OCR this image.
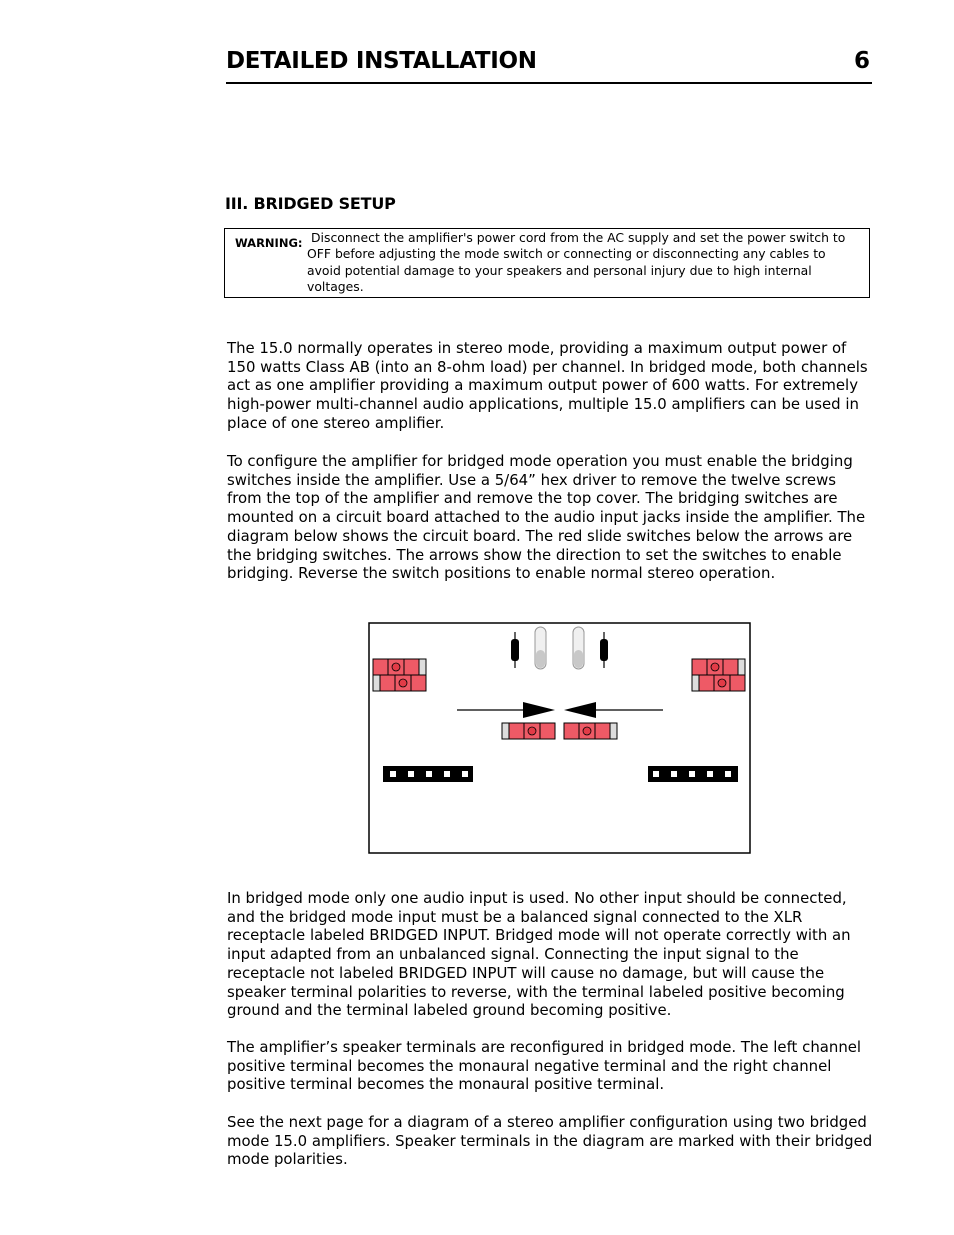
DETAILED INSTALLATION	6
III. BRIDGED SETUP
WARNING: Disconnect the amplifier's power cord from the AC supply and set the power switch to OFF before adjusting the mode switch or connecting or disconnecting any cables to avoid potential damage to your speakers and personal injury due to high internal voltages.

The 15.0 normally operates in stereo mode, providing a maximum output power of 150 watts Class AB (into an 8-ohm load) per channel. In bridged mode, both channels act as one amplifier providing a maximum output power of 600 watts. For extremely high-power multi-channel audio applications, multiple 15.0 amplifiers can be used in place of one stereo amplifier.

To configure the amplifier for bridged mode operation you must enable the bridging switches inside the amplifier. Use a 5/64” hex driver to remove the twelve screws from the top of the amplifier and remove the top cover. The bridging switches are mounted on a circuit board attached to the audio input jacks inside the amplifier. The diagram below shows the circuit board. The red slide switches below the arrows are the bridging switches. The arrows show the direction to set the switches to enable bridging. Reverse the switch positions to enable normal stereo operation.

In bridged mode only one audio input is used. No other input should be connected, and the bridged mode input must be a balanced signal connected to the XLR receptacle labeled BRIDGED INPUT. Bridged mode will not operate correctly with an input adapted from an unbalanced signal. Connecting the input signal to the receptacle not labeled BRIDGED INPUT will cause no damage, but will cause the speaker terminal polarities to reverse, with the terminal labeled positive becoming ground and the terminal labeled ground becoming positive.

The amplifier’s speaker terminals are reconfigured in bridged mode. The left channel positive terminal becomes the monaural negative terminal and the right channel positive terminal becomes the monaural positive terminal.

See the next page for a diagram of a stereo amplifier configuration using two bridged mode 15.0 amplifiers. Speaker terminals in the diagram are marked with their bridged mode polarities.
